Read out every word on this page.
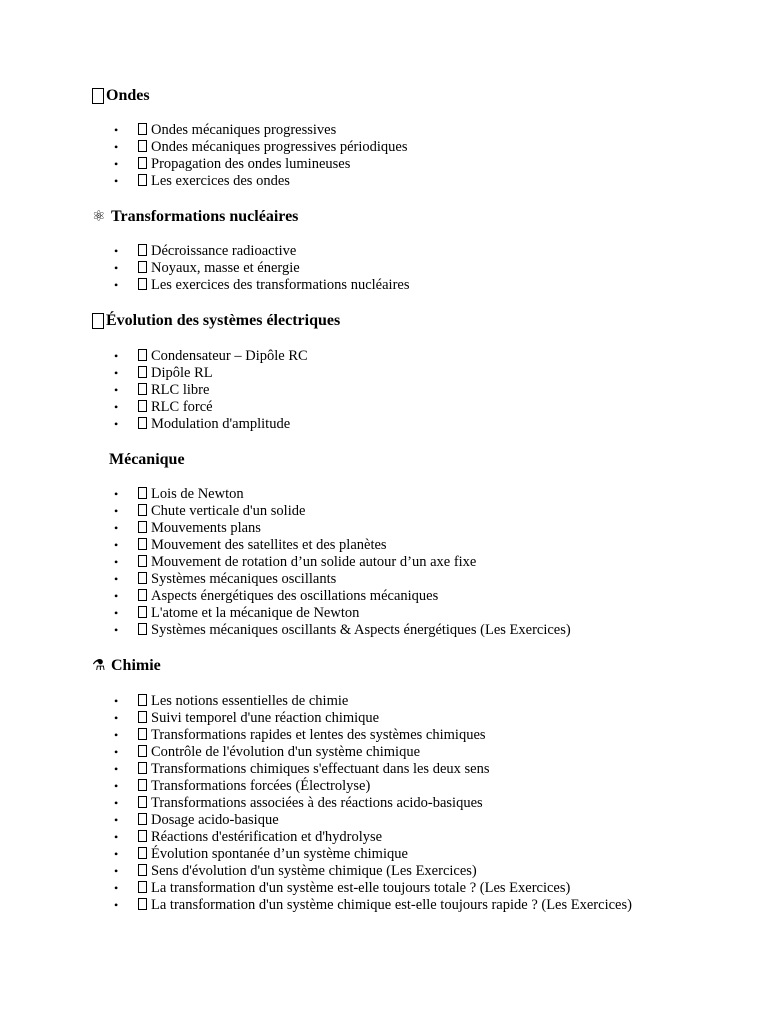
Ondes
• Ondes mécaniques progressives
• Ondes mécaniques progressives périodiques
• Propagation des ondes lumineuses
• Les exercices des ondes
⚛ Transformations nucléaires
• Décroissance radioactive
• Noyaux, masse et énergie
• Les exercices des transformations nucléaires
Évolution des systèmes électriques
• Condensateur – Dipôle RC
• Dipôle RL
• RLC libre
• RLC forcé
• Modulation d'amplitude
Mécanique
• Lois de Newton
• Chute verticale d'un solide
• Mouvements plans
• Mouvement des satellites et des planètes
• Mouvement de rotation d’un solide autour d’un axe fixe
• Systèmes mécaniques oscillants
• Aspects énergétiques des oscillations mécaniques
• L'atome et la mécanique de Newton
• Systèmes mécaniques oscillants & Aspects énergétiques (Les Exercices)
⚗ Chimie
• Les notions essentielles de chimie
• Suivi temporel d'une réaction chimique
• Transformations rapides et lentes des systèmes chimiques
• Contrôle de l'évolution d'un système chimique
• Transformations chimiques s'effectuant dans les deux sens
• Transformations forcées (Électrolyse)
• Transformations associées à des réactions acido-basiques
• Dosage acido-basique
• Réactions d'estérification et d'hydrolyse
• Évolution spontanée d’un système chimique
• Sens d'évolution d'un système chimique (Les Exercices)
• La transformation d'un système est-elle toujours totale ? (Les Exercices)
• La transformation d'un système chimique est-elle toujours rapide ? (Les Exercices)
